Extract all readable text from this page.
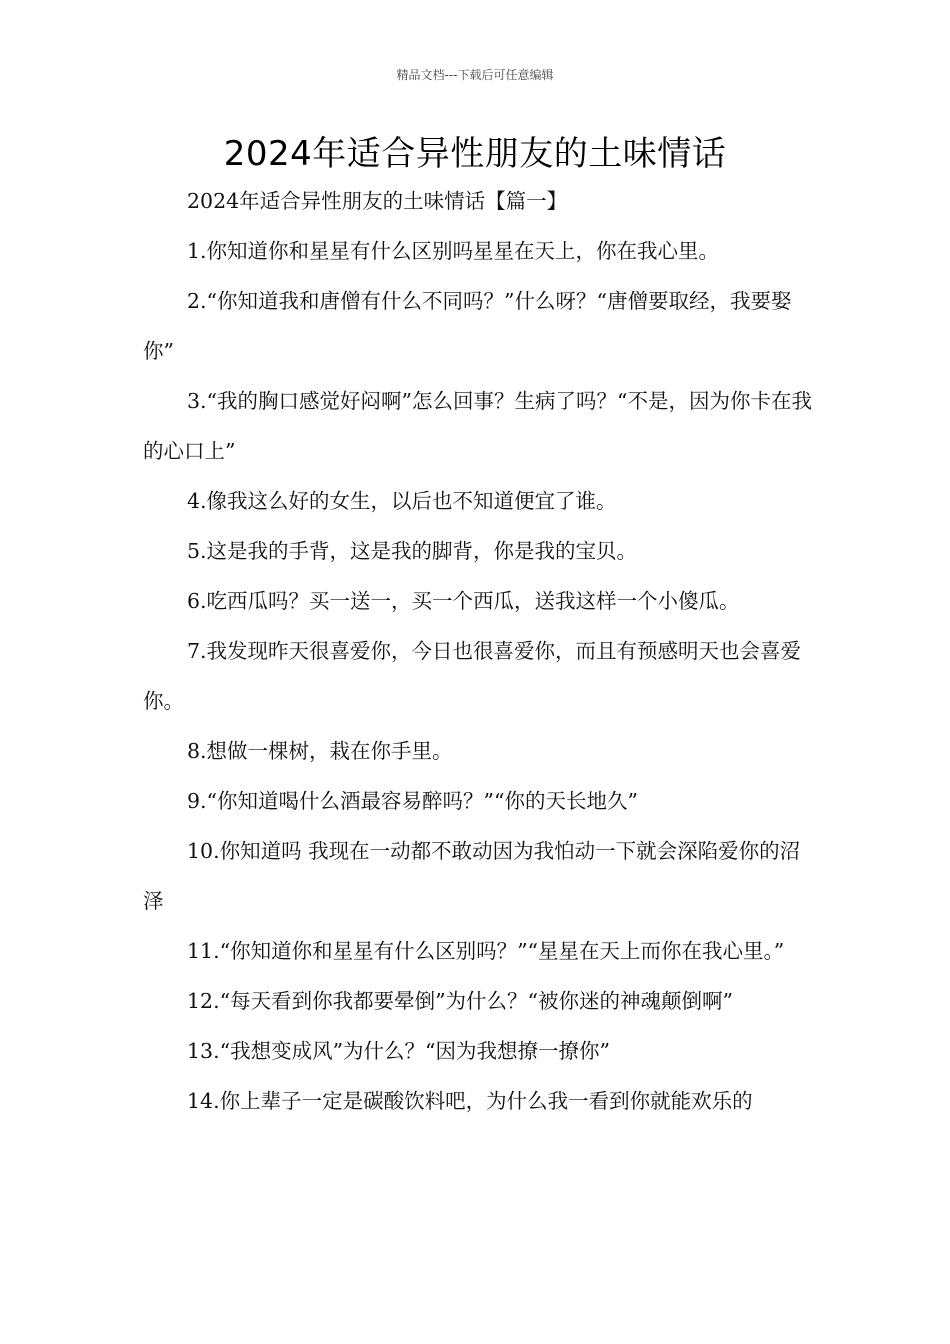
精品文档---下载后可任意编辑
2024年适合异性朋友的土味情话

2024年适合异性朋友的土味情话【篇一】

1.你知道你和星星有什么区别吗星星在天上，你在我心里。

2.“你知道我和唐僧有什么不同吗？”什么呀？“唐僧要取经，我要娶你”

3.“我的胸口感觉好闷啊”怎么回事？生病了吗？“不是，因为你卡在我的心口上”

4.像我这么好的女生，以后也不知道便宜了谁。

5.这是我的手背，这是我的脚背，你是我的宝贝。

6.吃西瓜吗？买一送一，买一个西瓜，送我这样一个小傻瓜。

7.我发现昨天很喜爱你，今日也很喜爱你，而且有预感明天也会喜爱你。

8.想做一棵树，栽在你手里。

9.“你知道喝什么酒最容易醉吗？”“你的天长地久”

10.你知道吗 我现在一动都不敢动因为我怕动一下就会深陷爱你的沼泽

11.“你知道你和星星有什么区别吗？”“星星在天上而你在我心里。”

12.“每天看到你我都要晕倒”为什么？“被你迷的神魂颠倒啊”

13.“我想变成风”为什么？“因为我想撩一撩你”

14.你上辈子一定是碳酸饮料吧，为什么我一看到你就能欢乐的
